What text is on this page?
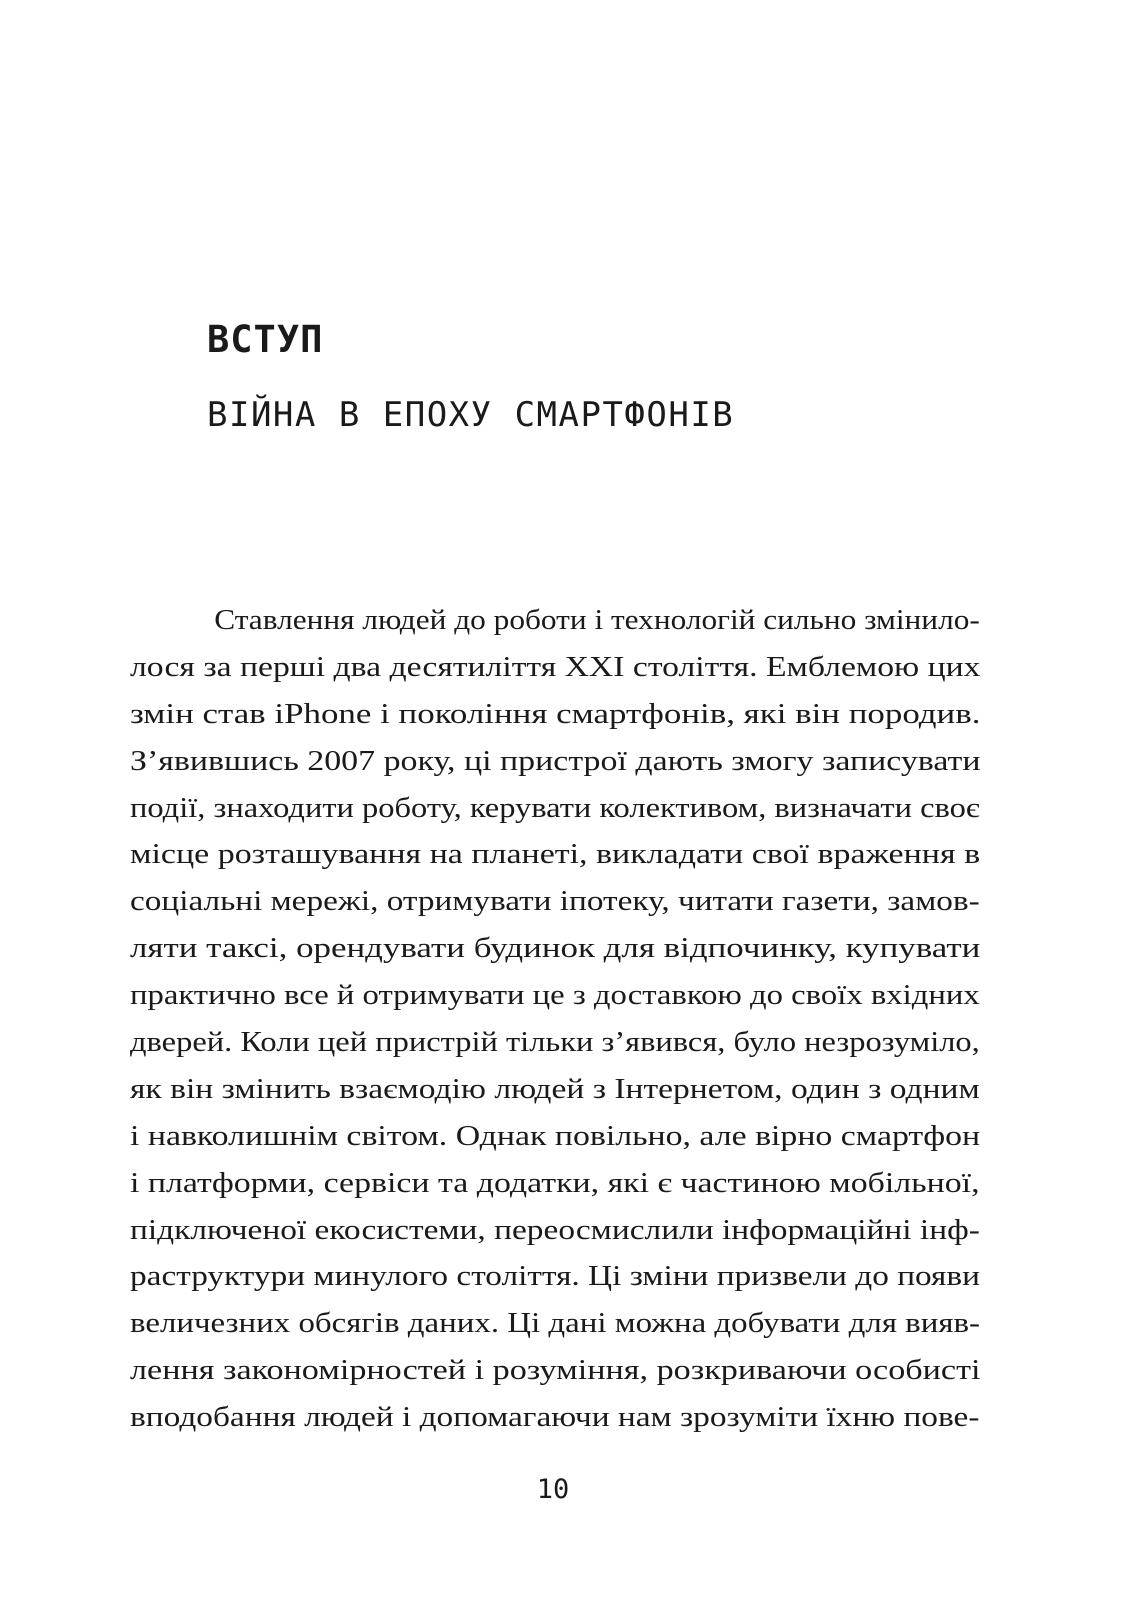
ВСТУП
ВІЙНА В ЕПОХУ СМАРТФОНІВ
Ставлення людей до роботи і технологій сильно змінило-
лося за перші два десятиліття XXI століття. Емблемою цих
змін став iPhone і покоління смартфонів, які він породив.
З’явившись 2007 року, ці пристрої дають змогу записувати
події, знаходити роботу, керувати колективом, визначати своє
місце розташування на планеті, викладати свої враження в
соціальні мережі, отримувати іпотеку, читати газети, замов-
ляти таксі, орендувати будинок для відпочинку, купувати
практично все й отримувати це з доставкою до своїх вхідних
дверей. Коли цей пристрій тільки з’явився, було незрозуміло,
як він змінить взаємодію людей з Інтернетом, один з одним
і навколишнім світом. Однак повільно, але вірно смартфон
і платформи, сервіси та додатки, які є частиною мобільної,
підключеної екосистеми, переосмислили інформаційні інф-
раструктури минулого століття. Ці зміни призвели до появи
величезних обсягів даних. Ці дані можна добувати для вияв-
лення закономірностей і розуміння, розкриваючи особисті
вподобання людей і допомагаючи нам зрозуміти їхню пове-
10
